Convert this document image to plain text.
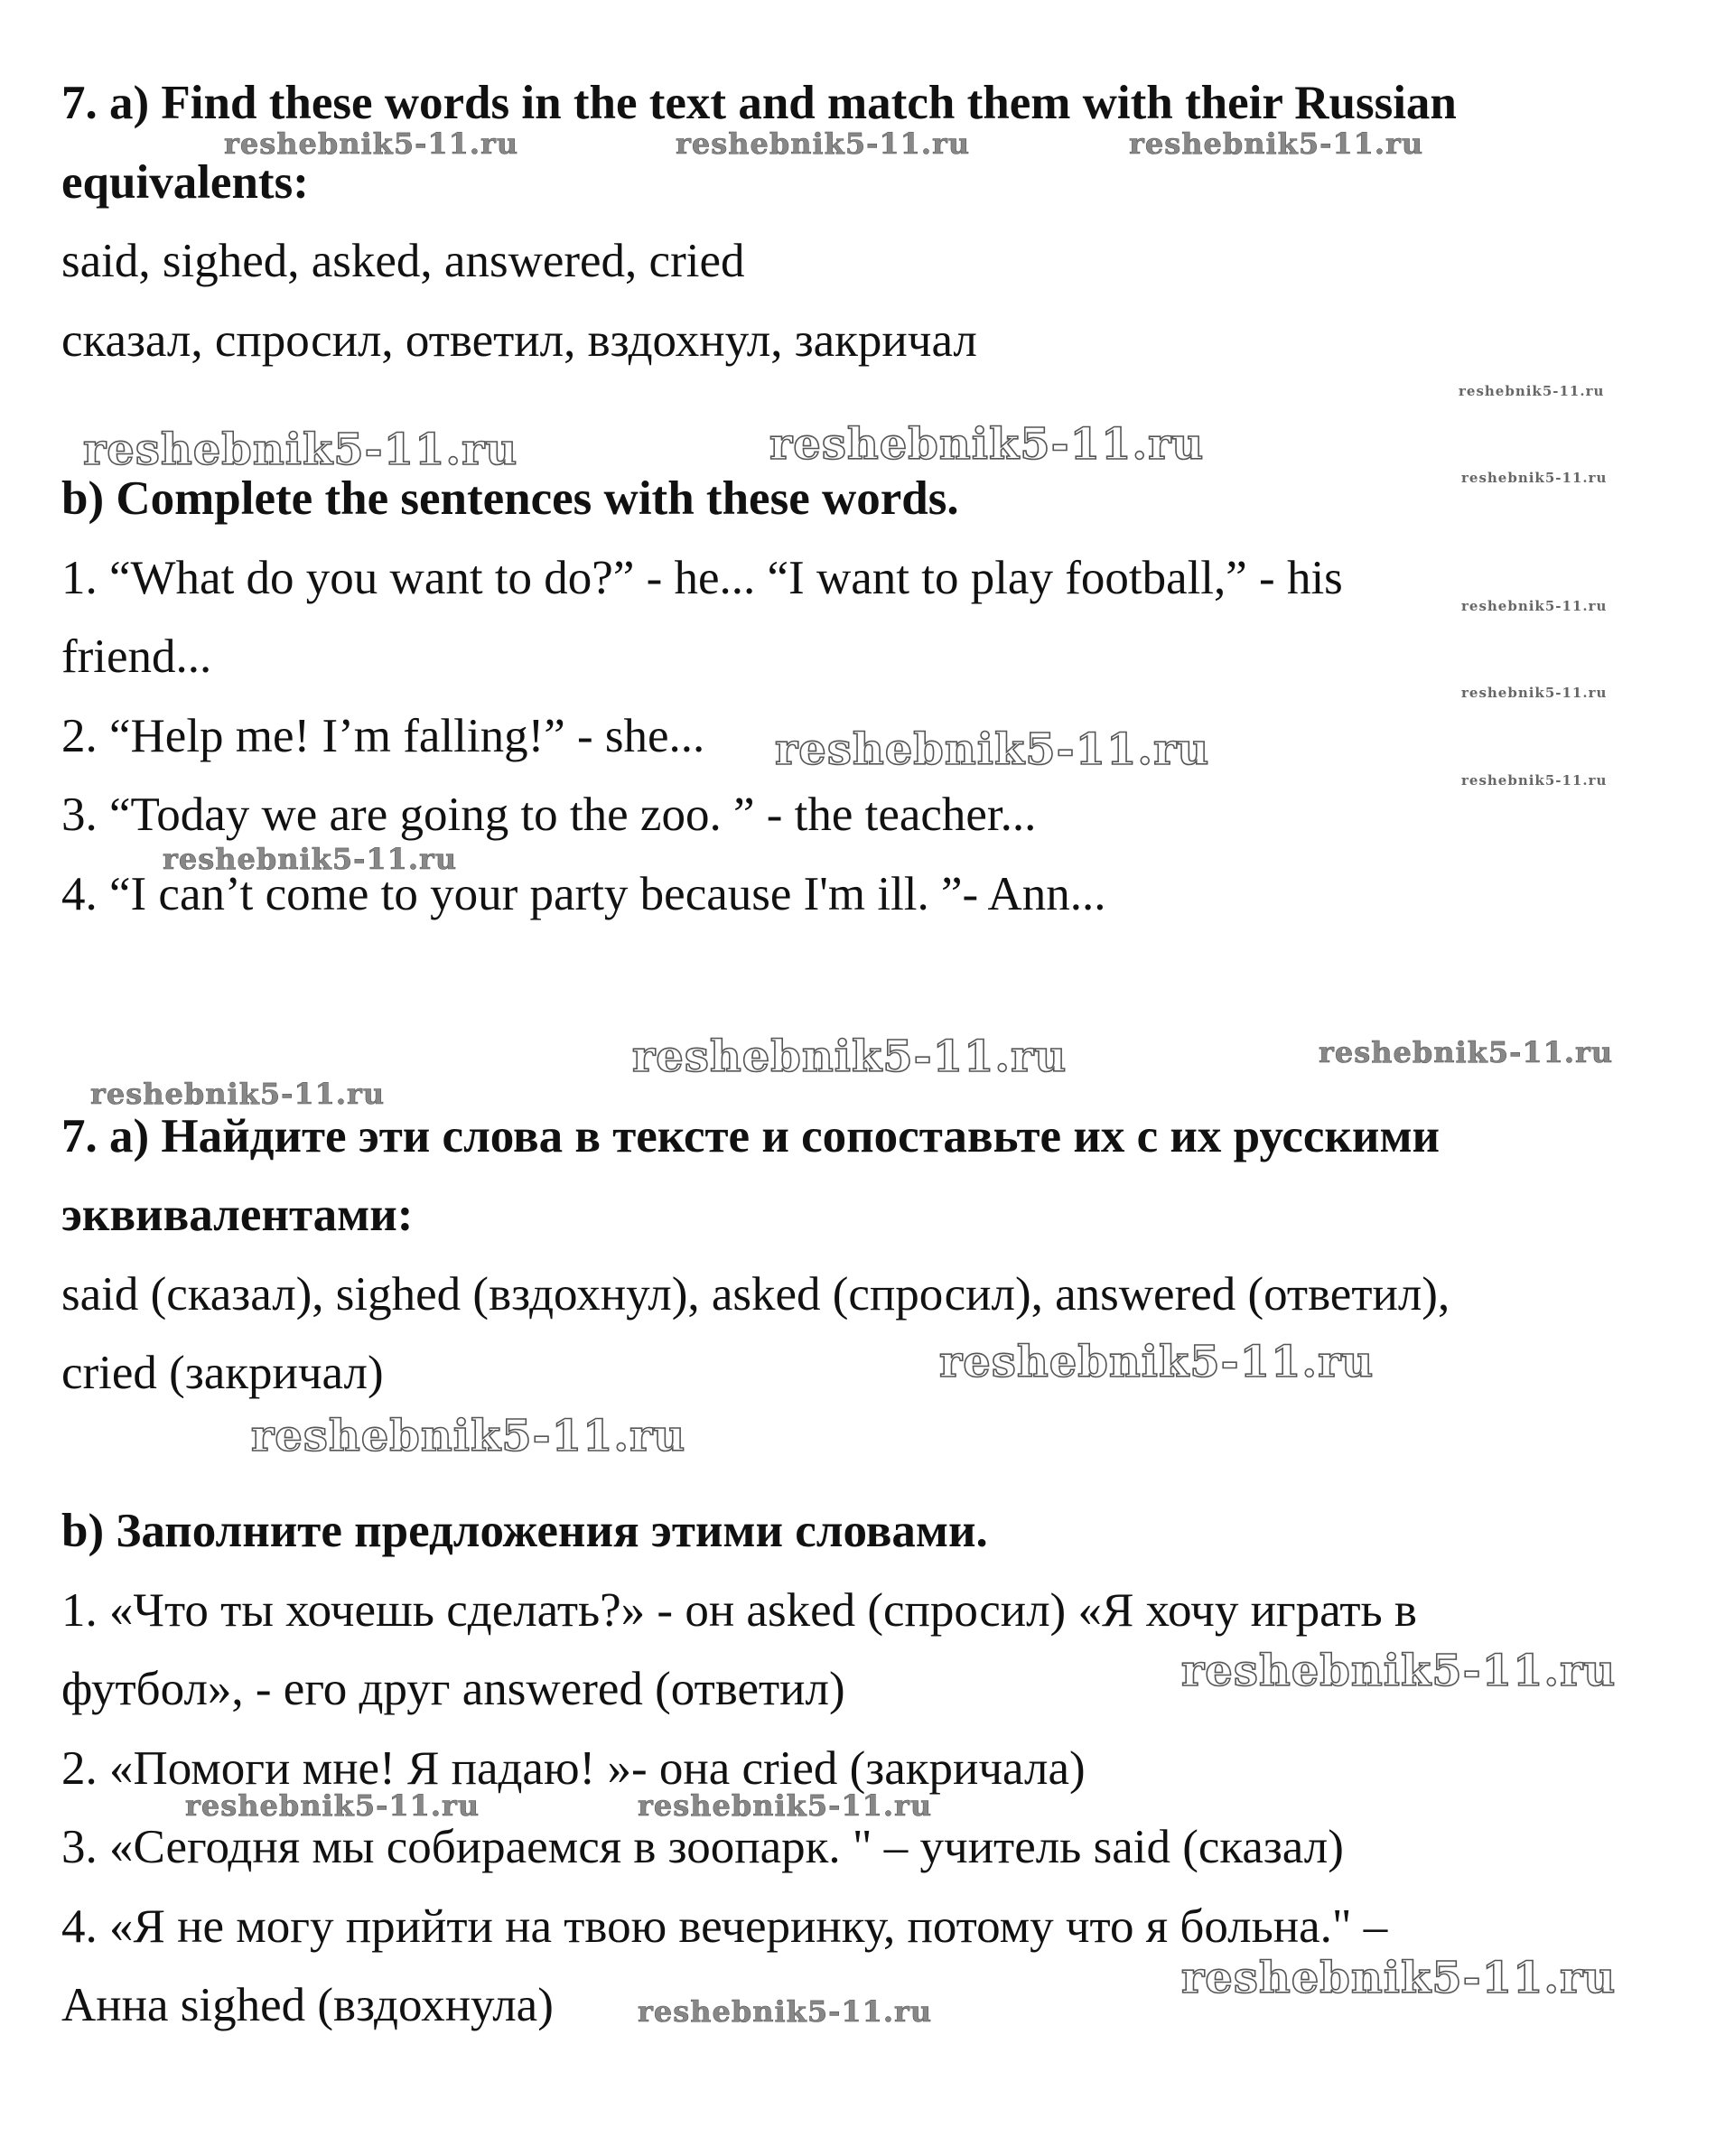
7. a) Find these words in the text and match them with their Russian
equivalents:
said, sighed, asked, answered, cried
сказал, спросил, ответил, вздохнул, закричал
b) Complete the sentences with these words.
1. “What do you want to do?” - he... “I want to play football,” - his
friend...
2. “Help me! I’m falling!” - she...
3. “Today we are going to the zoo. ” - the teacher...
4. “I can’t come to your party because I'm ill. ”- Ann...
7. а) Найдите эти слова в тексте и сопоставьте их с их русскими
эквивалентами:
said (сказал), sighed (вздохнул), asked (спросил), answered (ответил),
cried (закричал)
b) Заполните предложения этими словами.
1. «Что ты хочешь сделать?» - он asked (спросил) «Я хочу играть в
футбол», - его друг answered (ответил)
2. «Помоги мне! Я падаю! »- она cried (закричала)
3. «Сегодня мы собираемся в зоопарк. " – учитель said (сказал)
4. «Я не могу прийти на твою вечеринку, потому что я больна." –
Анна sighed (вздохнула)
reshebnik5-11.ru	reshebnik5-11.ru	reshebnik5-11.ru
reshebnik5-11.ru
reshebnik5-11.ru	reshebnik5-11.ru
reshebnik5-11.ru
reshebnik5-11.ru
reshebnik5-11.ru
reshebnik5-11.ru
reshebnik5-11.ru
reshebnik5-11.ru
reshebnik5-11.ru	reshebnik5-11.ru
reshebnik5-11.ru
reshebnik5-11.ru
reshebnik5-11.ru
reshebnik5-11.ru
reshebnik5-11.ru	reshebnik5-11.ru
reshebnik5-11.ru
reshebnik5-11.ru
